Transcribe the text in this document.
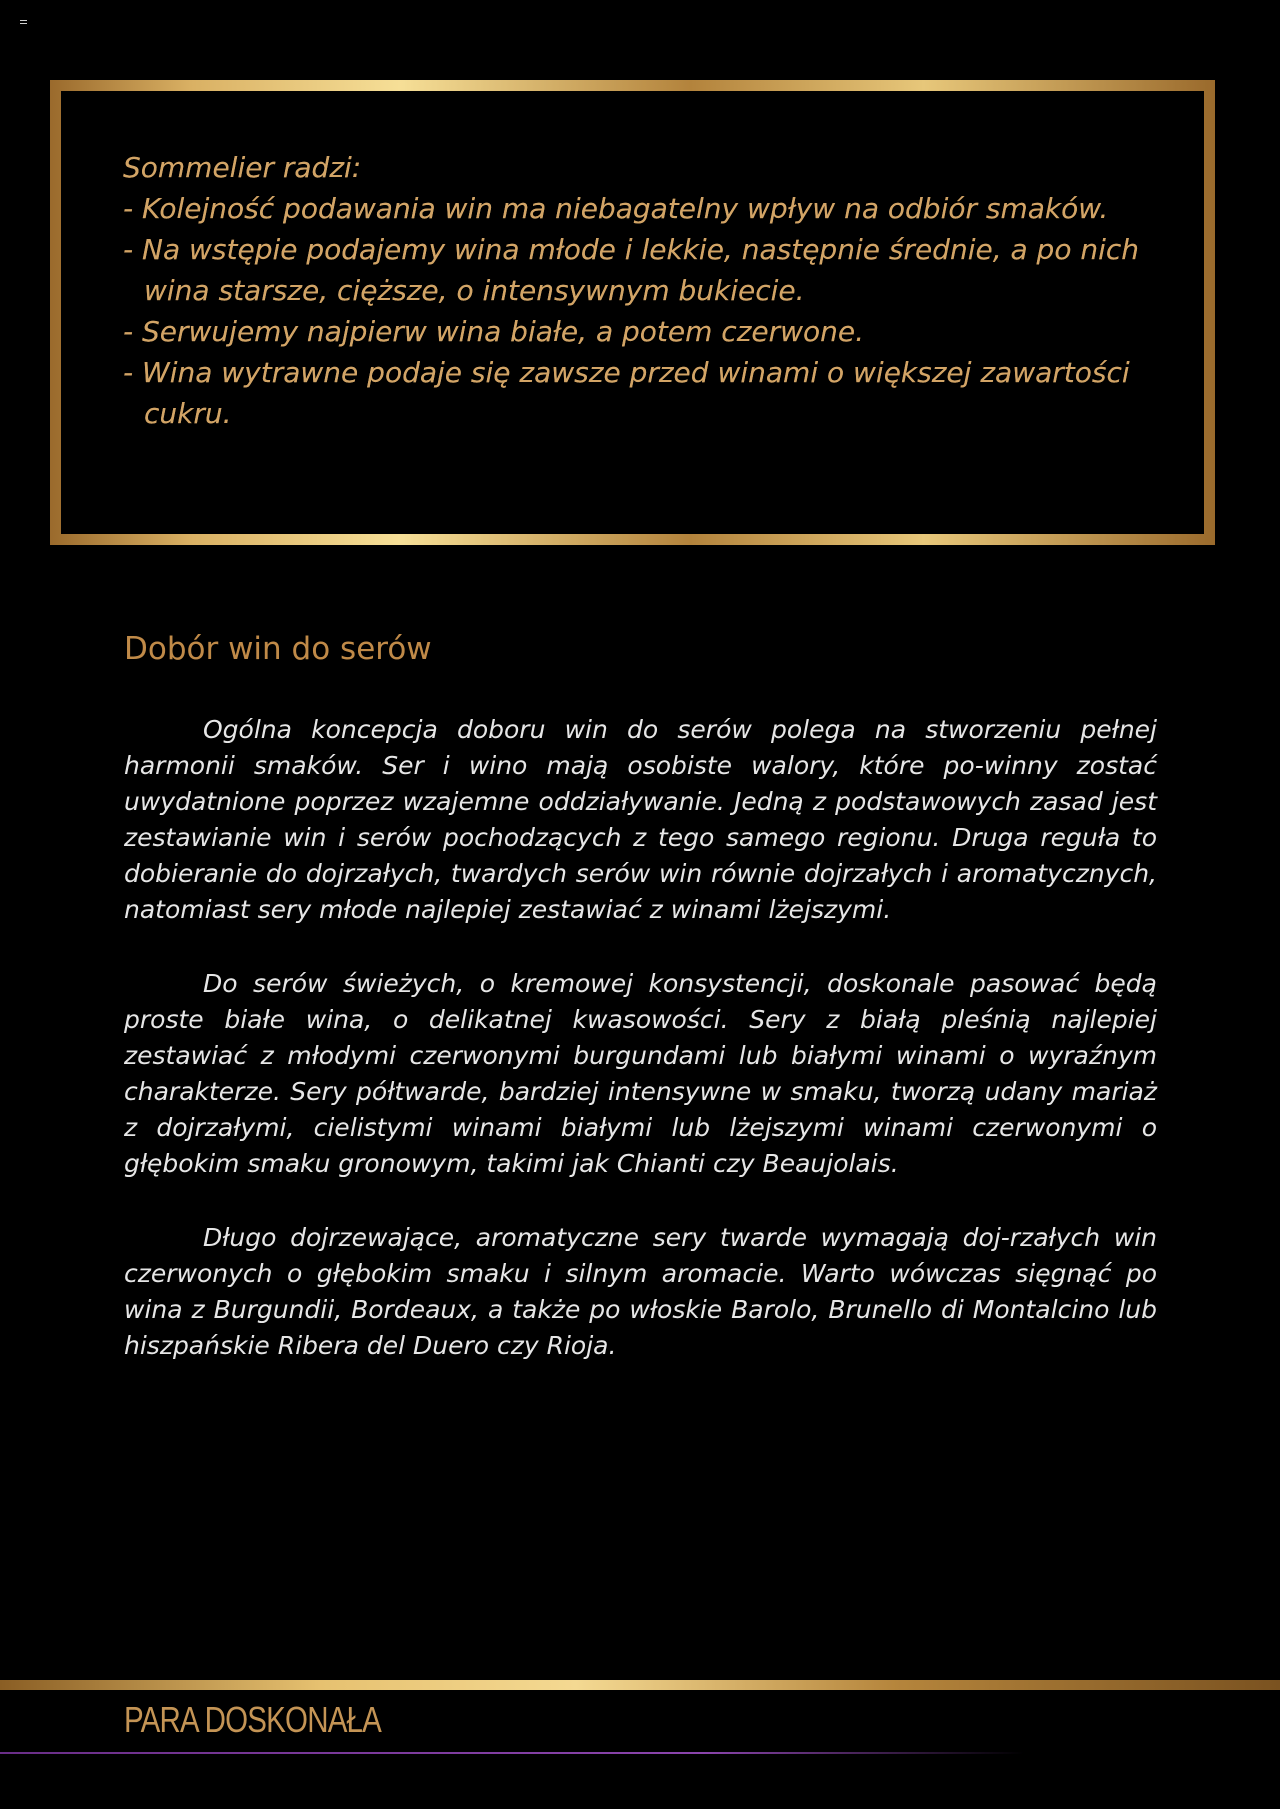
Sommelier radzi:

- Kolejność podawania win ma niebagatelny wpływ na odbiór smaków.
- Na wstępie podajemy wina młode i lekkie, następnie średnie, a po nich wina starsze, cięższe, o intensywnym bukiecie.
- Serwujemy najpierw wina białe, a potem czerwone.
- Wina wytrawne podaje się zawsze przed winami o większej zawartości cukru.
Dobór win do serów

Ogólna koncepcja doboru win do serów polega na stworzeniu pełnej harmonii smaków. Ser i wino mają osobiste walory, które po-winny zostać uwydatnione poprzez wzajemne oddziaływanie. Jedną z podstawowych zasad jest zestawianie win i serów pochodzących z tego samego regionu. Druga reguła to dobieranie do dojrzałych, twardych serów win równie dojrzałych i aromatycznych, natomiast sery młode najlepiej zestawiać z winami lżejszymi.

Do serów świeżych, o kremowej konsystencji, doskonale pasować będą proste białe wina, o delikatnej kwasowości. Sery z białą pleśnią najlepiej zestawiać z młodymi czerwonymi burgundami lub białymi winami o wyraźnym charakterze. Sery półtwarde, bardziej intensywne w smaku, tworzą udany mariaż z dojrzałymi, cielistymi winami białymi lub lżejszymi winami czerwonymi o głębokim smaku gronowym, takimi jak Chianti czy Beaujolais.

Długo dojrzewające, aromatyczne sery twarde wymagają doj-rzałych win czerwonych o głębokim smaku i silnym aromacie. Warto wówczas sięgnąć po wina z Burgundii, Bordeaux, a także po włoskie Barolo, Brunello di Montalcino lub hiszpańskie Ribera del Duero czy Rioja.

PARA DOSKONAŁA
